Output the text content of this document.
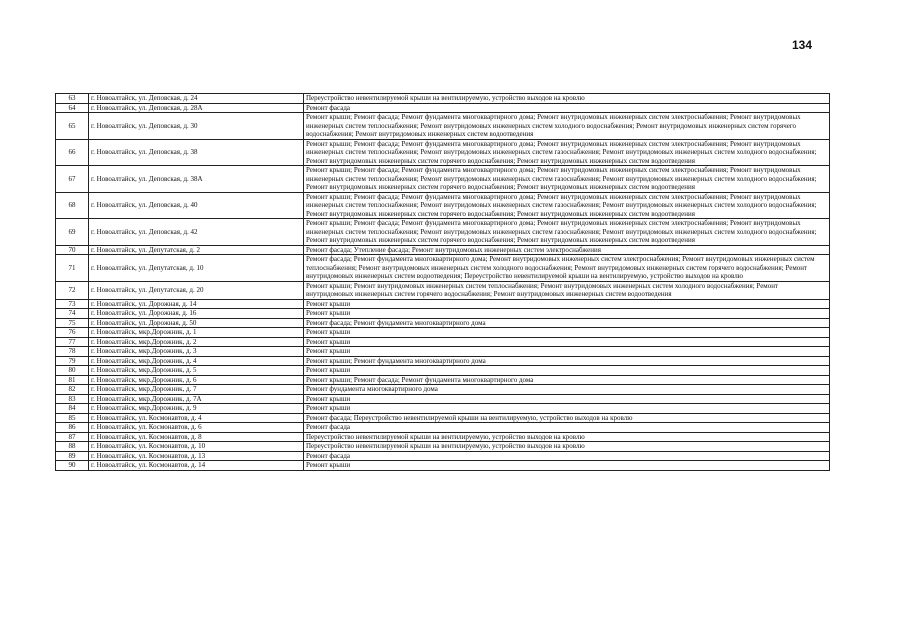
134
63	г. Новоалтайск, ул. Деповская, д. 24	Переустройство невентилируемой крыши на вентилируемую, устройство выходов на кровлю
64	г. Новоалтайск, ул. Деповская, д. 28А	Ремонт фасада
65	г. Новоалтайск, ул. Деповская, д. 30	Ремонт крыши; Ремонт фасада; Ремонт фундамента многоквартирного дома; Ремонт внутридомовых инженерных систем электроснабжения; Ремонт внутридомовых инженерных систем теплоснабжения; Ремонт внутридомовых инженерных систем холодного водоснабжения; Ремонт внутридомовых инженерных систем горячего водоснабжения; Ремонт внутридомовых инженерных систем водоотведения
66	г. Новоалтайск, ул. Деповская, д. 38	Ремонт крыши; Ремонт фасада; Ремонт фундамента многоквартирного дома; Ремонт внутридомовых инженерных систем электроснабжения; Ремонт внутридомовых инженерных систем теплоснабжения; Ремонт внутридомовых инженерных систем газоснабжения; Ремонт внутридомовых инженерных систем холодного водоснабжения; Ремонт внутридомовых инженерных систем горячего водоснабжения; Ремонт внутридомовых инженерных систем водоотведения
67	г. Новоалтайск, ул. Деповская, д. 38А	Ремонт крыши; Ремонт фасада; Ремонт фундамента многоквартирного дома; Ремонт внутридомовых инженерных систем электроснабжения; Ремонт внутридомовых инженерных систем теплоснабжения; Ремонт внутридомовых инженерных систем газоснабжения; Ремонт внутридомовых инженерных систем холодного водоснабжения; Ремонт внутридомовых инженерных систем горячего водоснабжения; Ремонт внутридомовых инженерных систем водоотведения
68	г. Новоалтайск, ул. Деповская, д. 40	Ремонт крыши; Ремонт фасада; Ремонт фундамента многоквартирного дома; Ремонт внутридомовых инженерных систем электроснабжения; Ремонт внутридомовых инженерных систем теплоснабжения; Ремонт внутридомовых инженерных систем газоснабжения; Ремонт внутридомовых инженерных систем холодного водоснабжения; Ремонт внутридомовых инженерных систем горячего водоснабжения; Ремонт внутридомовых инженерных систем водоотведения
69	г. Новоалтайск, ул. Деповская, д. 42	Ремонт крыши; Ремонт фасада; Ремонт фундамента многоквартирного дома; Ремонт внутридомовых инженерных систем электроснабжения; Ремонт внутридомовых инженерных систем теплоснабжения; Ремонт внутридомовых инженерных систем газоснабжения; Ремонт внутридомовых инженерных систем холодного водоснабжения; Ремонт внутридомовых инженерных систем горячего водоснабжения; Ремонт внутридомовых инженерных систем водоотведения
70	г. Новоалтайск, ул. Депутатская, д. 2	Ремонт фасада; Утепление фасада; Ремонт внутридомовых инженерных систем электроснабжения
71	г. Новоалтайск, ул. Депутатская, д. 10	Ремонт фасада; Ремонт фундамента многоквартирного дома; Ремонт внутридомовых инженерных систем электроснабжения; Ремонт внутридомовых инженерных систем теплоснабжения; Ремонт внутридомовых инженерных систем холодного водоснабжения; Ремонт внутридомовых инженерных систем горячего водоснабжения; Ремонт внутридомовых инженерных систем водоотведения; Переустройство невентилируемой крыши на вентилируемую, устройство выходов на кровлю
72	г. Новоалтайск, ул. Депутатская, д. 20	Ремонт крыши; Ремонт внутридомовых инженерных систем теплоснабжения; Ремонт внутридомовых инженерных систем холодного водоснабжения; Ремонт внутридомовых инженерных систем горячего водоснабжения; Ремонт внутридомовых инженерных систем водоотведения
73	г. Новоалтайск, ул. Дорожная, д. 14	Ремонт крыши
74	г. Новоалтайск, ул. Дорожная, д. 16	Ремонт крыши
75	г. Новоалтайск, ул. Дорожная, д. 50	Ремонт фасада; Ремонт фундамента многоквартирного дома
76	г. Новоалтайск, мкр.Дорожник, д. 1	Ремонт крыши
77	г. Новоалтайск, мкр.Дорожник, д. 2	Ремонт крыши
78	г. Новоалтайск, мкр.Дорожник, д. 3	Ремонт крыши
79	г. Новоалтайск, мкр.Дорожник, д. 4	Ремонт крыши; Ремонт фундамента многоквартирного дома
80	г. Новоалтайск, мкр.Дорожник, д. 5	Ремонт крыши
81	г. Новоалтайск, мкр.Дорожник, д. 6	Ремонт крыши; Ремонт фасада; Ремонт фундамента многоквартирного дома
82	г. Новоалтайск, мкр.Дорожник, д. 7	Ремонт фундамента многоквартирного дома
83	г. Новоалтайск, мкр.Дорожник, д. 7А	Ремонт крыши
84	г. Новоалтайск, мкр.Дорожник, д. 9	Ремонт крыши
85	г. Новоалтайск, ул. Космонавтов, д. 4	Ремонт фасада; Переустройство невентилируемой крыши на вентилируемую, устройство выходов на кровлю
86	г. Новоалтайск, ул. Космонавтов, д. 6	Ремонт фасада
87	г. Новоалтайск, ул. Космонавтов, д. 8	Переустройство невентилируемой крыши на вентилируемую, устройство выходов на кровлю
88	г. Новоалтайск, ул. Космонавтов, д. 10	Переустройство невентилируемой крыши на вентилируемую, устройство выходов на кровлю
89	г. Новоалтайск, ул. Космонавтов, д. 13	Ремонт фасада
90	г. Новоалтайск, ул. Космонавтов, д. 14	Ремонт крыши
